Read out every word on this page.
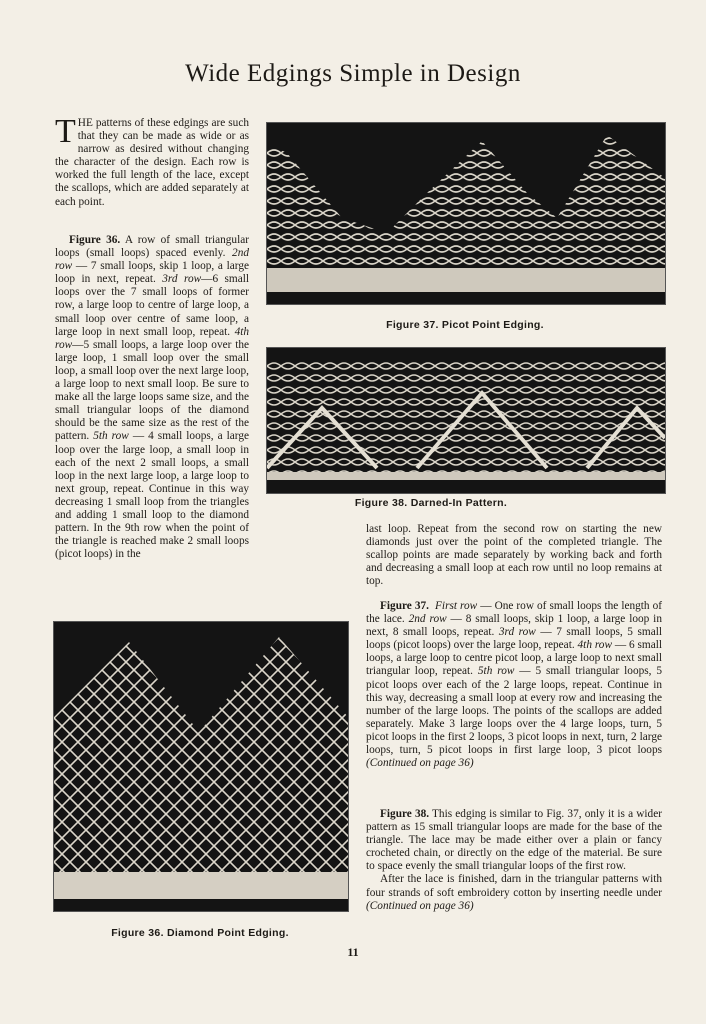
Wide Edgings Simple in Design

THE patterns of these edgings are such that they can be made as wide or as narrow as desired without changing the character of the design. Each row is worked the full length of the lace, except the scallops, which are added separately at each point.

Figure 36. A row of small triangular loops (small loops) spaced evenly. 2nd row — 7 small loops, skip 1 loop, a large loop in next, repeat. 3rd row—6 small loops over the 7 small loops of former row, a large loop to centre of large loop, a small loop over centre of same loop, a large loop in next small loop, repeat. 4th row—5 small loops, a large loop over the large loop, 1 small loop over the small loop, a small loop over the next large loop, a large loop to next small loop. Be sure to make all the large loops same size, and the small triangular loops of the diamond should be the same size as the rest of the pattern. 5th row — 4 small loops, a large loop over the large loop, a small loop in each of the next 2 small loops, a small loop in the next large loop, a large loop to next group, repeat. Continue in this way decreasing 1 small loop from the triangles and adding 1 small loop to the diamond pattern. In the 9th row when the point of the triangle is reached make 2 small loops (picot loops) in the

Figure 37. Picot Point Edging.
Figure 38. Darned-In Pattern.

last loop. Repeat from the second row on starting the new diamonds just over the point of the completed triangle. The scallop points are made separately by working back and forth and decreasing a small loop at each row until no loop remains at top.

Figure 37. First row — One row of small loops the length of the lace. 2nd row — 8 small loops, skip 1 loop, a large loop in next, 8 small loops, repeat. 3rd row — 7 small loops, 5 small loops (picot loops) over the large loop, repeat. 4th row — 6 small loops, a large loop to centre picot loop, a large loop to next small triangular loop, repeat. 5th row — 5 small triangular loops, 5 picot loops over each of the 2 large loops, repeat. Continue in this way, decreasing a small loop at every row and increasing the number of the large loops. The points of the scallops are added separately. Make 3 large loops over the 4 large loops, turn, 5 picot loops in the first 2 loops, 3 picot loops in next, turn, 2 large loops, turn, 5 picot loops in first large loop, 3 picot loops (Continued on page 36)

Figure 38. This edging is similar to Fig. 37, only it is a wider pattern as 15 small triangular loops are made for the base of the triangle. The lace may be made either over a plain or fancy crocheted chain, or directly on the edge of the material. Be sure to space evenly the small triangular loops of the first row.

After the lace is finished, darn in the triangular patterns with four strands of soft embroidery cotton by inserting needle under (Continued on page 36)

Figure 36. Diamond Point Edging.
11
